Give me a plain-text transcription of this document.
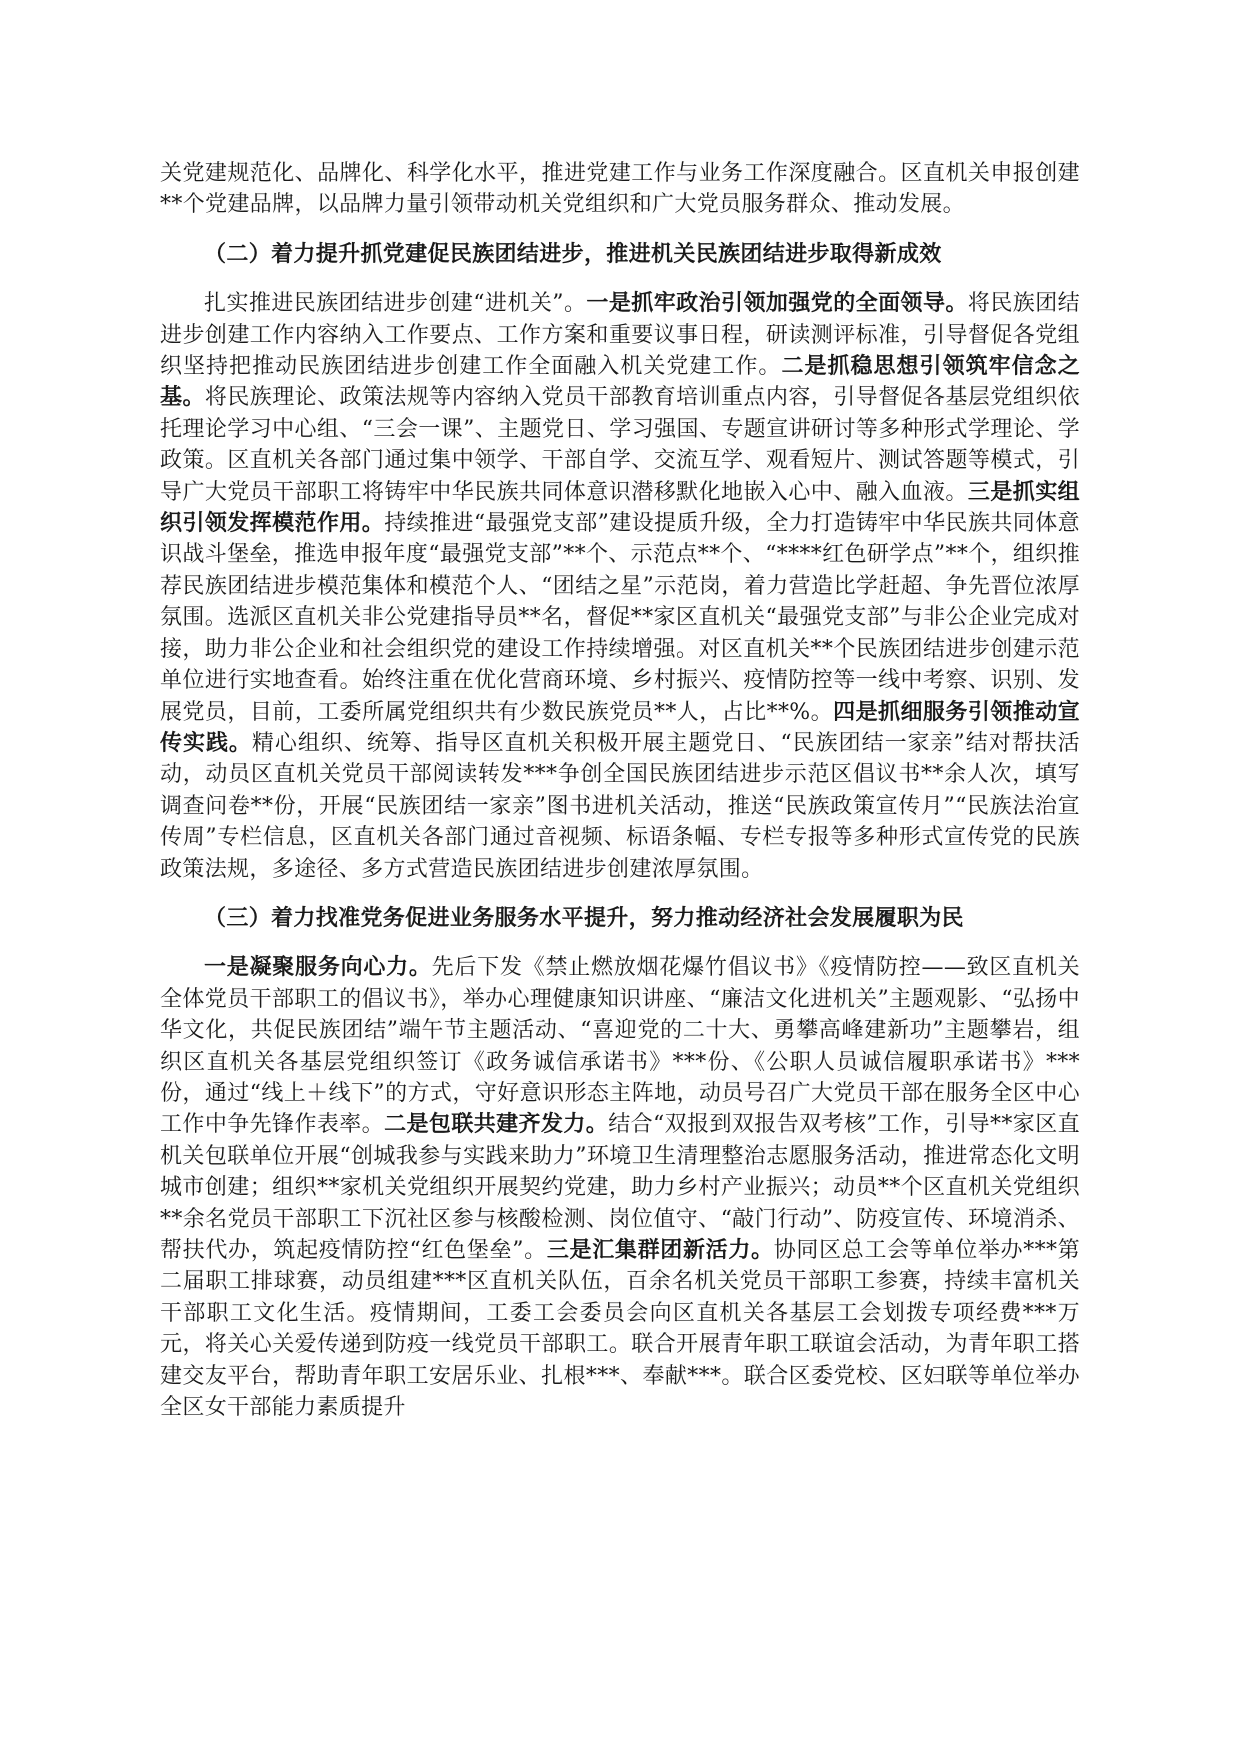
关党建规范化、品牌化、科学化水平，推进党建工作与业务工作深度融合。区直机关申报创建**个党建品牌，以品牌力量引领带动机关党组织和广大党员服务群众、推动发展。

（二）着力提升抓党建促民族团结进步，推进机关民族团结进步取得新成效

扎实推进民族团结进步创建“进机关”。一是抓牢政治引领加强党的全面领导。将民族团结进步创建工作内容纳入工作要点、工作方案和重要议事日程，研读测评标准，引导督促各党组织坚持把推动民族团结进步创建工作全面融入机关党建工作。二是抓稳思想引领筑牢信念之基。将民族理论、政策法规等内容纳入党员干部教育培训重点内容，引导督促各基层党组织依托理论学习中心组、“三会一课”、主题党日、学习强国、专题宣讲研讨等多种形式学理论、学政策。区直机关各部门通过集中领学、干部自学、交流互学、观看短片、测试答题等模式，引导广大党员干部职工将铸牢中华民族共同体意识潜移默化地嵌入心中、融入血液。三是抓实组织引领发挥模范作用。持续推进“最强党支部”建设提质升级，全力打造铸牢中华民族共同体意识战斗堡垒，推选申报年度“最强党支部”**个、示范点**个、“****红色研学点”**个，组织推荐民族团结进步模范集体和模范个人、“团结之星”示范岗，着力营造比学赶超、争先晋位浓厚氛围。选派区直机关非公党建指导员**名，督促**家区直机关“最强党支部”与非公企业完成对接，助力非公企业和社会组织党的建设工作持续增强。对区直机关**个民族团结进步创建示范单位进行实地查看。始终注重在优化营商环境、乡村振兴、疫情防控等一线中考察、识别、发展党员，目前，工委所属党组织共有少数民族党员**人，占比**%。四是抓细服务引领推动宣传实践。精心组织、统筹、指导区直机关积极开展主题党日、“民族团结一家亲”结对帮扶活动，动员区直机关党员干部阅读转发***争创全国民族团结进步示范区倡议书**余人次，填写调查问卷**份，开展“民族团结一家亲”图书进机关活动，推送“民族政策宣传月”“民族法治宣传周”专栏信息，区直机关各部门通过音视频、标语条幅、专栏专报等多种形式宣传党的民族政策法规，多途径、多方式营造民族团结进步创建浓厚氛围。

（三）着力找准党务促进业务服务水平提升，努力推动经济社会发展履职为民

一是凝聚服务向心力。先后下发《禁止燃放烟花爆竹倡议书》《疫情防控——致区直机关全体党员干部职工的倡议书》，举办心理健康知识讲座、“廉洁文化进机关”主题观影、“弘扬中华文化，共促民族团结”端午节主题活动、“喜迎党的二十大、勇攀高峰建新功”主题攀岩，组织区直机关各基层党组织签订《政务诚信承诺书》***份、《公职人员诚信履职承诺书》***份，通过“线上＋线下”的方式，守好意识形态主阵地，动员号召广大党员干部在服务全区中心工作中争先锋作表率。二是包联共建齐发力。结合“双报到双报告双考核”工作，引导**家区直机关包联单位开展“创城我参与实践来助力”环境卫生清理整治志愿服务活动，推进常态化文明城市创建；组织**家机关党组织开展契约党建，助力乡村产业振兴；动员**个区直机关党组织**余名党员干部职工下沉社区参与核酸检测、岗位值守、“敲门行动”、防疫宣传、环境消杀、帮扶代办，筑起疫情防控“红色堡垒”。三是汇集群团新活力。协同区总工会等单位举办***第二届职工排球赛，动员组建***区直机关队伍，百余名机关党员干部职工参赛，持续丰富机关干部职工文化生活。疫情期间，工委工会委员会向区直机关各基层工会划拨专项经费***万元，将关心关爱传递到防疫一线党员干部职工。联合开展青年职工联谊会活动，为青年职工搭建交友平台，帮助青年职工安居乐业、扎根***、奉献***。联合区委党校、区妇联等单位举办全区女干部能力素质提升
